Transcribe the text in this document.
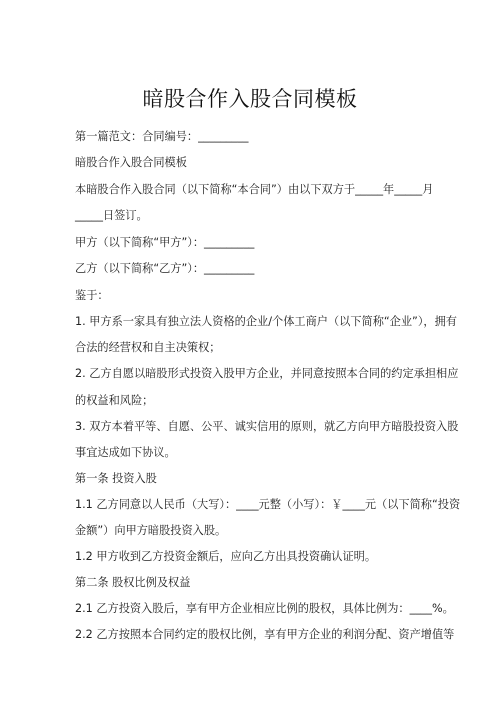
暗股合作入股合同模板
第一篇范文：合同编号：_________
暗股合作入股合同模板
本暗股合作入股合同（以下简称“本合同”）由以下双方于_____年_____月
_____日签订。
甲方（以下简称“甲方”）：_________
乙方（以下简称“乙方”）：_________
鉴于：
1. 甲方系一家具有独立法人资格的企业/个体工商户（以下简称“企业”），拥有
合法的经营权和自主决策权；
2. 乙方自愿以暗股形式投资入股甲方企业，并同意按照本合同的约定承担相应
的权益和风险；
3. 双方本着平等、自愿、公平、诚实信用的原则，就乙方向甲方暗股投资入股
事宜达成如下协议。
第一条 投资入股
1.1 乙方同意以人民币（大写）：____元整（小写）：￥____元（以下简称“投资
金额”）向甲方暗股投资入股。
1.2 甲方收到乙方投资金额后，应向乙方出具投资确认证明。
第二条 股权比例及权益
2.1 乙方投资入股后，享有甲方企业相应比例的股权，具体比例为：____%。
2.2 乙方按照本合同约定的股权比例，享有甲方企业的利润分配、资产增值等
